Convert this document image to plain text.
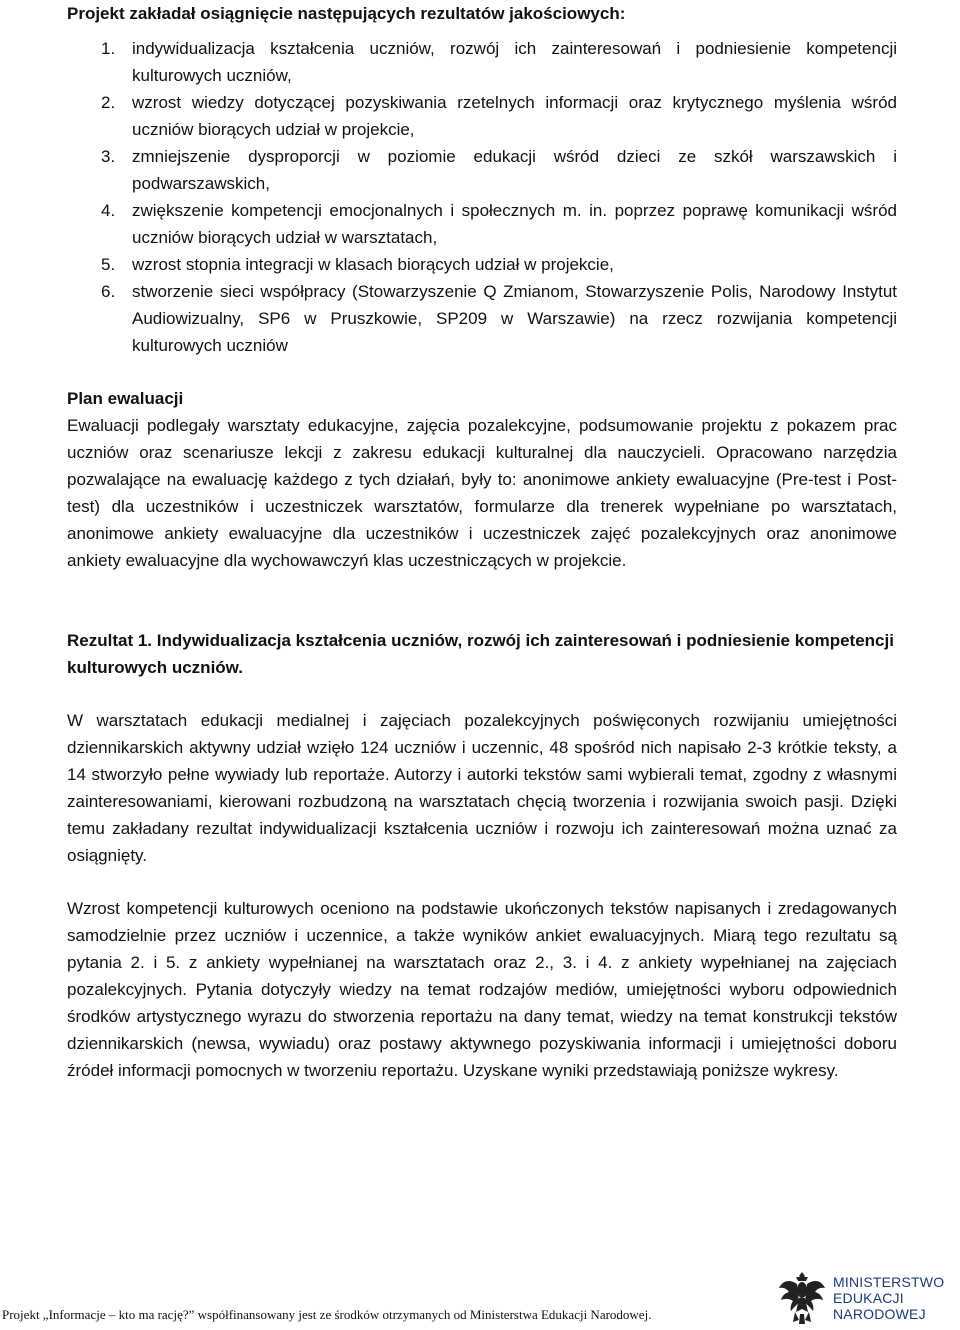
Projekt zakładał osiągnięcie następujących rezultatów jakościowych:
1. indywidualizacja kształcenia uczniów, rozwój ich zainteresowań i podniesienie kompetencji kulturowych uczniów,
2. wzrost wiedzy dotyczącej pozyskiwania rzetelnych informacji oraz krytycznego myślenia wśród uczniów biorących udział w projekcie,
3. zmniejszenie dysproporcji w poziomie edukacji wśród dzieci ze szkół warszawskich i podwarszawskich,
4. zwiększenie kompetencji emocjonalnych i społecznych m. in. poprzez poprawę komunikacji wśród uczniów biorących udział w warsztatach,
5. wzrost stopnia integracji w klasach biorących udział w projekcie,
6. stworzenie sieci współpracy (Stowarzyszenie Q Zmianom, Stowarzyszenie Polis, Narodowy Instytut Audiowizualny, SP6 w Pruszkowie, SP209 w Warszawie) na rzecz rozwijania kompetencji kulturowych uczniów
Plan ewaluacji
Ewaluacji podlegały warsztaty edukacyjne, zajęcia pozalekcyjne, podsumowanie projektu z pokazem prac uczniów oraz scenariusze lekcji z zakresu edukacji kulturalnej dla nauczycieli. Opracowano narzędzia pozwalające na ewaluację każdego z tych działań, były to: anonimowe ankiety ewaluacyjne (Pre-test i Post-test) dla uczestników i uczestniczek warsztatów, formularze dla trenerek wypełniane po warsztatach, anonimowe ankiety ewaluacyjne dla uczestników i uczestniczek zajęć pozalekcyjnych oraz anonimowe ankiety ewaluacyjne dla wychowawczyń klas uczestniczących w projekcie.
Rezultat 1. Indywidualizacja kształcenia uczniów, rozwój ich zainteresowań i podniesienie kompetencji kulturowych uczniów.
W warsztatach edukacji medialnej i zajęciach pozalekcyjnych poświęconych rozwijaniu umiejętności dziennikarskich aktywny udział wzięło 124 uczniów i uczennic, 48 spośród nich napisało 2-3 krótkie teksty, a 14 stworzyło pełne wywiady lub reportaże. Autorzy i autorki tekstów sami wybierali temat, zgodny z własnymi zainteresowaniami, kierowani rozbudzoną na warsztatach chęcią tworzenia i rozwijania swoich pasji. Dzięki temu zakładany rezultat indywidualizacji kształcenia uczniów i rozwoju ich zainteresowań można uznać za osiągnięty.
Wzrost kompetencji kulturowych oceniono na podstawie ukończonych tekstów napisanych i zredagowanych samodzielnie przez uczniów i uczennice, a także wyników ankiet ewaluacyjnych. Miarą tego rezultatu są pytania 2. i 5. z ankiety wypełnianej na warsztatach oraz 2., 3. i 4. z ankiety wypełnianej na zajęciach pozalekcyjnych. Pytania dotyczyły wiedzy na temat rodzajów mediów, umiejętności wyboru odpowiednich środków artystycznego wyrazu do stworzenia reportażu na dany temat, wiedzy na temat konstrukcji tekstów dziennikarskich (newsa, wywiadu) oraz postawy aktywnego pozyskiwania informacji i umiejętności doboru źródeł informacji pomocnych w tworzeniu reportażu. Uzyskane wyniki przedstawiają poniższe wykresy.
Projekt „Informacje – kto ma rację?” współfinansowany jest ze środków otrzymanych od Ministerstwa Edukacji Narodowej.
MINISTERSTWO
EDUKACJI
NARODOWEJ
